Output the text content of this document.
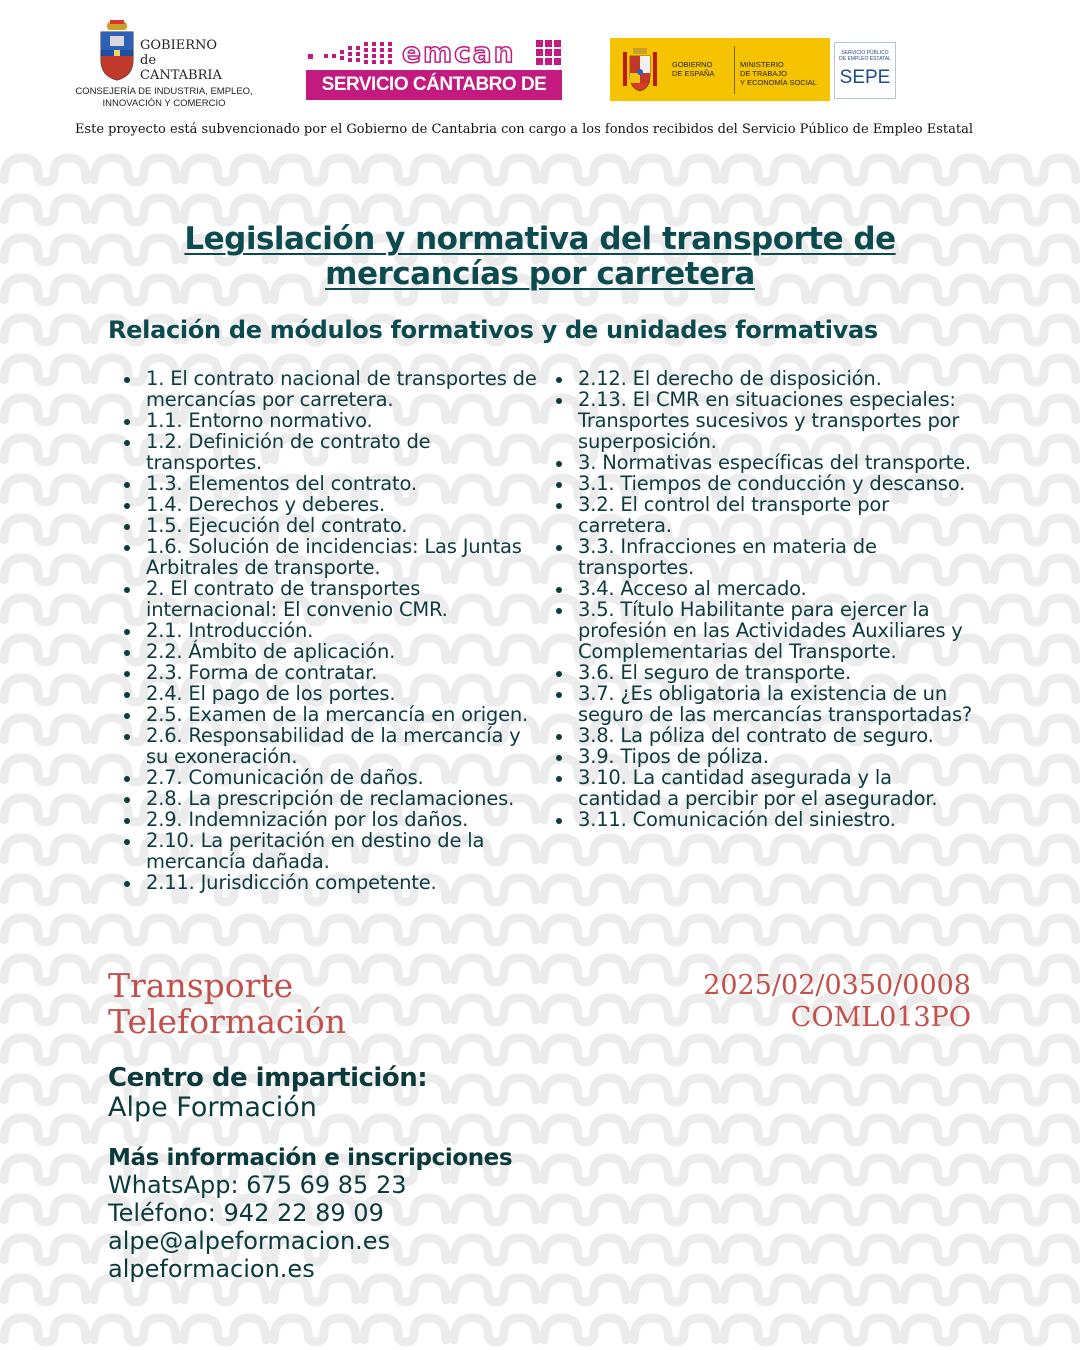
GOBIERNO
de
CANTABRIA
CONSEJERÍA DE INDUSTRIA, EMPLEO,
INNOVACIÓN Y COMERCIO
emcan
SERVICIO CÁNTABRO DE EMPLEO
GOBIERNO
DE ESPAÑA
MINISTERIO
DE TRABAJO
Y ECONOMÍA SOCIAL
SERVICIO PÚBLICO
DE EMPLEO ESTATAL
SEPE
Este proyecto está subvencionado por el Gobierno de Cantabria con cargo a los fondos recibidos del Servicio Público de Empleo Estatal
Legislación y normativa del transporte de mercancías por carretera
Relación de módulos formativos y de unidades formativas
1. El contrato nacional de transportes de mercancías por carretera.
1.1. Entorno normativo.
1.2. Definición de contrato de transportes.
1.3. Elementos del contrato.
1.4. Derechos y deberes.
1.5. Ejecución del contrato.
1.6. Solución de incidencias: Las Juntas Arbitrales de transporte.
2. El contrato de transportes internacional: El convenio CMR.
2.1. Introducción.
2.2. Ámbito de aplicación.
2.3. Forma de contratar.
2.4. El pago de los portes.
2.5. Examen de la mercancía en origen.
2.6. Responsabilidad de la mercancía y su exoneración.
2.7. Comunicación de daños.
2.8. La prescripción de reclamaciones.
2.9. Indemnización por los daños.
2.10. La peritación en destino de la mercancía dañada.
2.11. Jurisdicción competente.
2.12. El derecho de disposición.
2.13. El CMR en situaciones especiales: Transportes sucesivos y transportes por superposición.
3. Normativas específicas del transporte.
3.1. Tiempos de conducción y descanso.
3.2. El control del transporte por carretera.
3.3. Infracciones en materia de transportes.
3.4. Acceso al mercado.
3.5. Título Habilitante para ejercer la profesión en las Actividades Auxiliares y Complementarias del Transporte.
3.6. El seguro de transporte.
3.7. ¿Es obligatoria la existencia de un seguro de las mercancías transportadas?
3.8. La póliza del contrato de seguro.
3.9. Tipos de póliza.
3.10. La cantidad asegurada y la cantidad a percibir por el asegurador.
3.11. Comunicación del siniestro.
Transporte
Teleformación
2025/02/0350/0008
COML013PO
Centro de impartición:
Alpe Formación
Más información e inscripciones
WhatsApp: 675 69 85 23
Teléfono: 942 22 89 09
alpe@alpeformacion.es
alpeformacion.es
